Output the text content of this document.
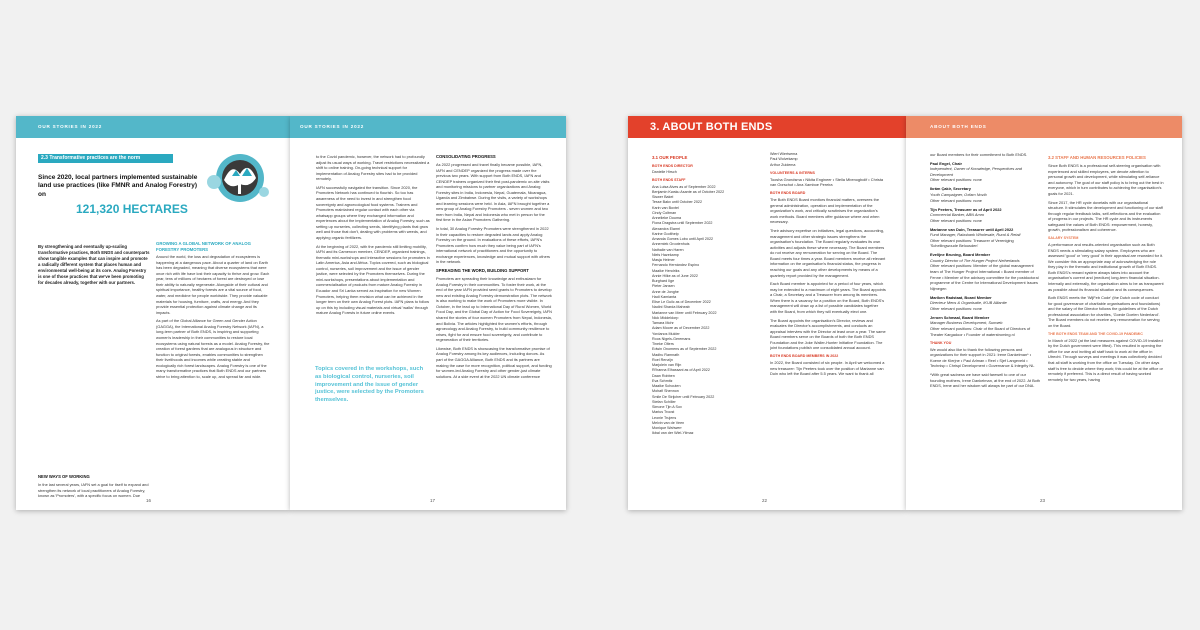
OUR STORIES IN 2022
2.3 Transformative practices are the norm
Since 2020, local partners implemented sustainable land use practices (like FMNR and Analog Forestry) on
121,320 HECTARES
By strengthening and eventually up-scaling transformative practices, Both ENDS and counterparts show tangible examples that can inspire and promote a radically different system that places human and environmental well-being at its core. Analog Forestry is one of those practices that we've been promoting for decades already, together with our partners.
GROWING A GLOBAL NETWORK OF ANALOG FORESTRY PROMOTERS

Around the world, the loss and degradation of ecosystems is happening at a dangerous pace. About a quarter of land on Earth has been degraded, meaning that diverse ecosystems that were once rich with life have lost their capacity to thrive and grow. Each year, tens of millions of hectares of forest are destroyed or lose their ability to naturally regenerate. Alongside of their cultural and spiritual importance, healthy forests are a vital source of food, water, and medicine for people worldwide. They provide valuable materials for housing, furniture, crafts, and energy. And they provide essential protection against climate change and its impacts.

As part of the Global Alliance for Green and Gender Action (GAGGA), the International Analog Forestry Network (IAFN), a long-term partner of Both ENDS, is inspiring and supporting women's leadership in their communities to restore local ecosystems using natural forests as a model. Analog Forestry, the creation of forest gardens that are analogous in structure and function to original forests, enables communities to strengthen their livelihoods and incomes while creating stable and ecologically rich forest landscapes. Analog Forestry is one of the many transformative practices that Both ENDS and our partners strive to bring attention to, scale up, and spread far and wide.

NEW WAYS OF WORKING

In the last several years, IAFN set a goal for itself to expand and strengthen its network of local practitioners of Analog Forestry, known as 'Promoters', with a specific focus on women. Due

16
OUR STORIES IN 2022

to the Covid pandemic, however, the network had to profoundly adjust its usual ways of working. Travel restrictions necessitated a shift to online training. On-going technical support for implementation of Analog Forestry sites had to be provided remotely.

IAFN successfully navigated the transition. Since 2020, the Promoters Network has continued to flourish. So too has awareness of the need to invest in and strengthen food sovereignty and agroecological food systems. Trainers and Promoters maintained regular contact with each other via whatsapp groups where they exchanged information and experiences about the implementation of Analog Forestry, such as setting up nurseries, collecting seeds, identifying plants that grow well and those that don't, dealing with problems with weeds, and applying organic fertilizers.

At the beginning of 2022, with the pandemic still limiting mobility, IAFN and its Cameroon member, CENDEP, organized trainings, thematic mini-workshops and interactive sessions for promoters in Latin America, Asia and Africa. Topics covered, such as biological control, nurseries, soil improvement and the issue of gender justice, were selected by the Promoters themselves. During the mini-workshops, presentations about implementation and commercialisation of products from mature Analog Forestry in Ecuador and Sri Lanka served as inspiration for new Women Promoters, helping them envision what can be achieved in the longer term on their own Analog Forest plots. IAFN plans to follow up on this by including visual materials and virtual 'walks' through mature Analog Forests in future online events.

Topics covered in the workshops, such as biological control, nurseries, soil improvement and the issue of gender justice, were selected by the Promoters themselves.
CONSOLIDATING PROGRESS

As 2022 progressed and travel finally became possible, IAFN, IAFN and CENDEP organized the progress made over the previous two years. With support from Both ENDS, IAFN and CENDEP trainers organized their first post-pandemic on-site visits and monitoring missions to partner organizations and Analog Forestry sites in India, Indonesia, Nepal, Guatemala, Nicaragua, Uganda and Zimbabwe. During the visits, a variety of workshops and learning sessions were held. In Asia, IAFN brought together a new group of Analog Forestry Promoters - seven women and two men from India, Nepal and Indonesia who met in person for the first time in the Asian Promoters Gathering.

In total, 30 Analog Forestry Promoters were strengthened in 2022 in their capacities to restore degraded lands and apply Analog Forestry on the ground. In evaluations of these efforts, IAFN's Promoters confirm how much they value being part of IAFN's international network of practitioners and the opportunity to exchange experiences, knowledge and mutual support with others in the network.

SPREADING THE WORD, BUILDING SUPPORT

Promoters are spreading their knowledge and enthusiasm for Analog Forestry in their communities. To foster their work, at the end of the year IAFN provided seed grants to Promoters to develop new and existing Analog Forestry demonstration plots. The network is also working to make the work of Promoters more visible. In October, in the lead up to International Day of Rural Women, World Food Day, and the Global Day of Action for Food Sovereignty, IAFN shared the stories of four women Promoters from Nepal, Indonesia, and Bolivia. The articles highlighted the women's efforts, through agroecology and Analog Forestry, to build community resilience to crises, fight for and ensure food sovereignty, and contribute to regeneration of their territories.

Likewise, Both ENDS is showcasing the transformative promise of Analog Forestry among its key audiences, including donors. As part of the GAGGA Alliance, Both ENDS and its partners are making the case for more recognition, political support, and funding for women-led Analog Forestry and other gender-just climate solutions. At a side event at the 2022 UN climate conference

17
3. ABOUT BOTH ENDS
3.1 OUR PEOPLE
BOTH ENDS DIRECTOR
Danielle Hirsch
BOTH ENDS STAFF
Ana Luisa Alves as of September 2022
Benjamin Kwaku Asante as of October 2022
Siswer Bakel
Tesse Bakx until October 2022
Karin van Boxtel
Cindy Coltman
Annelieke Douma
Fiona Dragstra until September 2022
Alexandra Elamri
Karine Godthelp
Amanda Gomes Lobo until April 2022
Annemiek Grootenhuis
Nathalie van Haren
Niels Hazekamp
Masja Helmer
Fernando Hernández Espino
Maaike Hendriks
Annie Hilke as of June 2022
Burghard Ilge
Pieter Jansen
Anne de Jonghe
Hadi Kamianta
Elise Le Guilc as of December 2022
Nadini Sharda Maheab
Marianne van Meer until February 2022
Nick Middeldorp
Tamara Mohr
Adam Moore as of December 2022
Yordanos Mulder
Roos Nigels-Geremans
Tineke Olters
Edwin Onomens as of September 2022
Madhu Ramnath
Roel Renzijn
Marjolein van Rijn
Ri'hanna Elhassani as of April 2022
Daan Robben
Eva Schmitz
Maaike Schouten
Mohafi Shennon
Smile De Strijcher until February 2022
Stefan Schiller
Simone Tjin A Sox
Marius Troost
Leonie Trujens
Melvin van de Veen
Monique Wahwerr
Ikbal van der Wiel-Yilmaz
Wiert Wiertsema
Paul Wolvekamp
Arthur Zuidema
VOLUNTEERS & INTERNS

Toosha Grondsma • Nikita Engineer • Stella Mbenogbolif • Christa van Oorschot • Ana Xamboe Pereira

BOTH ENDS BOARD

The Both ENDS Board monitors financial matters, oversees the general administration, operation and implementation of the organization's work, and critically scrutinises the organization's work methods. Board members offer guidance where and when necessary.

Their advisory expertise on initiatives, legal questions, accounting, management and other strategic issues strengthens the organisation's foundation. The Board regularly evaluates its own activities and adjusts these where necessary. The Board members do not receive any remuneration for serving on the Board. The Board meets four times a year. Board members receive all relevant information on the organisation's financial status, the progress in reaching our goals and any other developments by means of a quarterly report provided by the management.

Each Board member is appointed for a period of four years, which may be extended to a maximum of eight years. The Board appoints a Chair, a Secretary and a Treasurer from among its members. When there is a vacancy for a position on the Board, Both ENDS's management will draw up a list of possible candidates together with the Board, from which they will eventually elect one.

The Board appoints the organisation's Director, reviews and evaluates the Director's accomplishments, and conducts an appraisal interview with the Director at least once a year. The same Board members serve on the Boards of both the Both ENDS Foundation and the Joke Waller-Hunter Initiative Foundation. The joint foundations publish one consolidated annual account.

BOTH ENDS BOARD MEMBERS IN 2022

In 2022, the Board consisted of six people. In April we welcomed a new treasurer: Tijn Peeters took over the position of Marianne van Duin who left the Board after 5.5 years. We want to thank all

22
ABOUT BOTH ENDS

our Board members for their commitment to Both ENDS.

Paul Engel, Chair
Independent, Owner of Knowledge, Perspectives and Development
Other relevant positions: none
Ikrâm Çakir, Secretary
Youth Campaigner, Oxfam Novib
Other relevant positions: none
Tijn Peeters, Treasurer as of April 2022
Commercial Banker, ABN Amro
Other relevant positions: none
Marianne van Duin, Treasurer until April 2022
Fund Manager, Rabobank Wholesale, Rural & Retail
Other relevant positions: Treasurer of Vereniging 'Schellingwoude Belousden'
Evelijne Bruning, Board Member
Country Director of The Hunger Project Netherlands
Other relevant positions: Member of the global management team of The Hunger Project International • Board member of Fenne • Member of the advisory committee for the postdoctoral programme of the Centre for International Development Issues Nijmegen
Mariken Radstaat, Board Member
Directeur Mens & Organisatie, IKUB Alliantie
Other relevant positions: none
Jeroen Schmaal, Board Member
Manager Business Development, Sunweb
Other relevant positions: Chair of the Board of Directors of Theater Kargadoor • Founder of waterstroming.nl
THANK YOU

We would also like to thank the following persons and organizations for their support in 2021: Irene Dankelman* • Koene de Klerjne • Paul Arlman • Reel • Sjef Langeveld • Technisp • Chrispi Development • Governance & Integrity NL

*With great sadness we have said farewell to one of our founding mothers, Irene Dankelman, at the end of 2022. At Both ENDS, Irene and her wisdom will always be part of our DNA.

3.2 STAFF AND HUMAN RESOURCES POLICIES

Since Both ENDS is a professional self-steering organisation with experienced and skilled employees, we devote attention to personal growth and development, while stimulating self-reliance and autonomy. The goal of our staff policy is to bring out the best in everyone, which in turn contributes to achieving the organisation's goals for 2021.

Since 2017, the HR cycle dovetails with our organisational structure. It stimulates the development and functioning of our staff through regular feedback talks, self-reflections and the evaluation of progress in our projects. The HR cycle and its instruments safeguard the values of Both ENDS: empowerment, honesty, growth, professionalism and coherence.

SALARY SYSTEM

A performance and results-oriented organisation such as Both ENDS needs a stimulating salary system. Employees who are assessed 'good' or 'very good' in their appraisal are rewarded for it. We consider this an appropriate way of acknowledging the role they play in the thematic and institutional growth of Both ENDS. Both ENDS's reward system always takes into account the organisation's current and (medium) long-term financial situation. Internally and externally, the organisation aims to be as transparent as possible about its financial situation and its consequences.

Both ENDS meets the 'WijFeb Code' (the Dutch code of conduct for good governance of charitable organisations and foundations) and the salary of the Director follows the guidelines of the Dutch professional association for charities, 'Goede Doelen Nederland'. The Board members do not receive any remuneration for serving on the Board.

THE BOTH ENDS TEAM AND THE COVID-19 PANDEMIC

In March of 2022 (at the last measures against COVID-19 installed by the Dutch government were lifted). This resulted in opening the office for use and inviting all staff back to work at the office in Utrecht. Through surveys and meetings it was collectively decided that all staff is working from the office on Tuesday. On other days staff is free to decide where they work; this could be at the office or remotely if preferred. This is a direct result of having worked remotely for two years, having

23
